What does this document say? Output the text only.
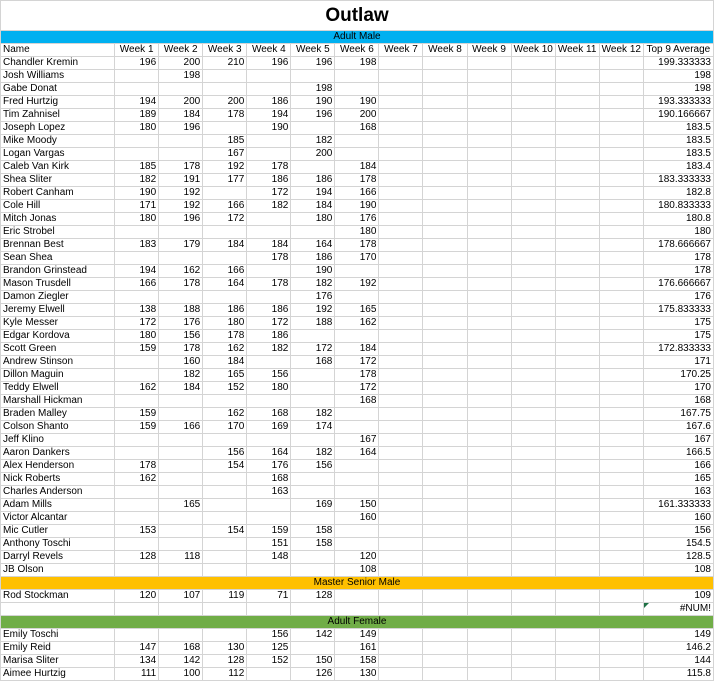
Outlaw													
Adult Male													
Name	Week 1	Week 2	Week 3	Week 4	Week 5	Week 6	Week 7	Week 8	Week 9	Week 10	Week 11	Week 12	Top 9 Average
Chandler Kremin	196	200	210	196	196	198							199.333333
Josh Williams		198											198
Gabe Donat					198								198
Fred Hurtzig	194	200	200	186	190	190							193.333333
Tim Zahnisel	189	184	178	194	196	200							190.166667
Joseph Lopez	180	196		190		168							183.5
Mike Moody			185		182								183.5
Logan Vargas			167		200								183.5
Caleb Van Kirk	185	178	192	178		184							183.4
Shea Sliter	182	191	177	186	186	178							183.333333
Robert Canham	190	192		172	194	166							182.8
Cole Hill	171	192	166	182	184	190							180.833333
Mitch Jonas	180	196	172		180	176							180.8
Eric Strobel						180							180
Brennan Best	183	179	184	184	164	178							178.666667
Sean Shea				178	186	170							178
Brandon Grinstead	194	162	166		190								178
Mason Trusdell	166	178	164	178	182	192							176.666667
Damon Ziegler					176								176
Jeremy Elwell	138	188	186	186	192	165							175.833333
Kyle Messer	172	176	180	172	188	162							175
Edgar Kordova	180	156	178	186									175
Scott Green	159	178	162	182	172	184							172.833333
Andrew Stinson		160	184		168	172							171
Dillon Maguin		182	165	156		178							170.25
Teddy Elwell	162	184	152	180		172							170
Marshall Hickman						168							168
Braden Malley	159		162	168	182								167.75
Colson Shanto	159	166	170	169	174								167.6
Jeff Klino						167							167
Aaron Dankers			156	164	182	164							166.5
Alex Henderson	178		154	176	156								166
Nick Roberts	162			168									165
Charles Anderson				163									163
Adam Mills		165			169	150							161.333333
Victor Alcantar						160							160
Mic Cutler	153		154	159	158								156
Anthony Toschi				151	158								154.5
Darryl Revels	128	118		148		120							128.5
JB Olson						108							108
Master Senior Male													
Rod Stockman	120	107	119	71	128								109
													#NUM!
Adult Female													
Emily Toschi				156	142	149							149
Emily Reid	147	168	130	125		161							146.2
Marisa Sliter	134	142	128	152	150	158							144
Aimee Hurtzig	111	100	112		126	130							115.8
